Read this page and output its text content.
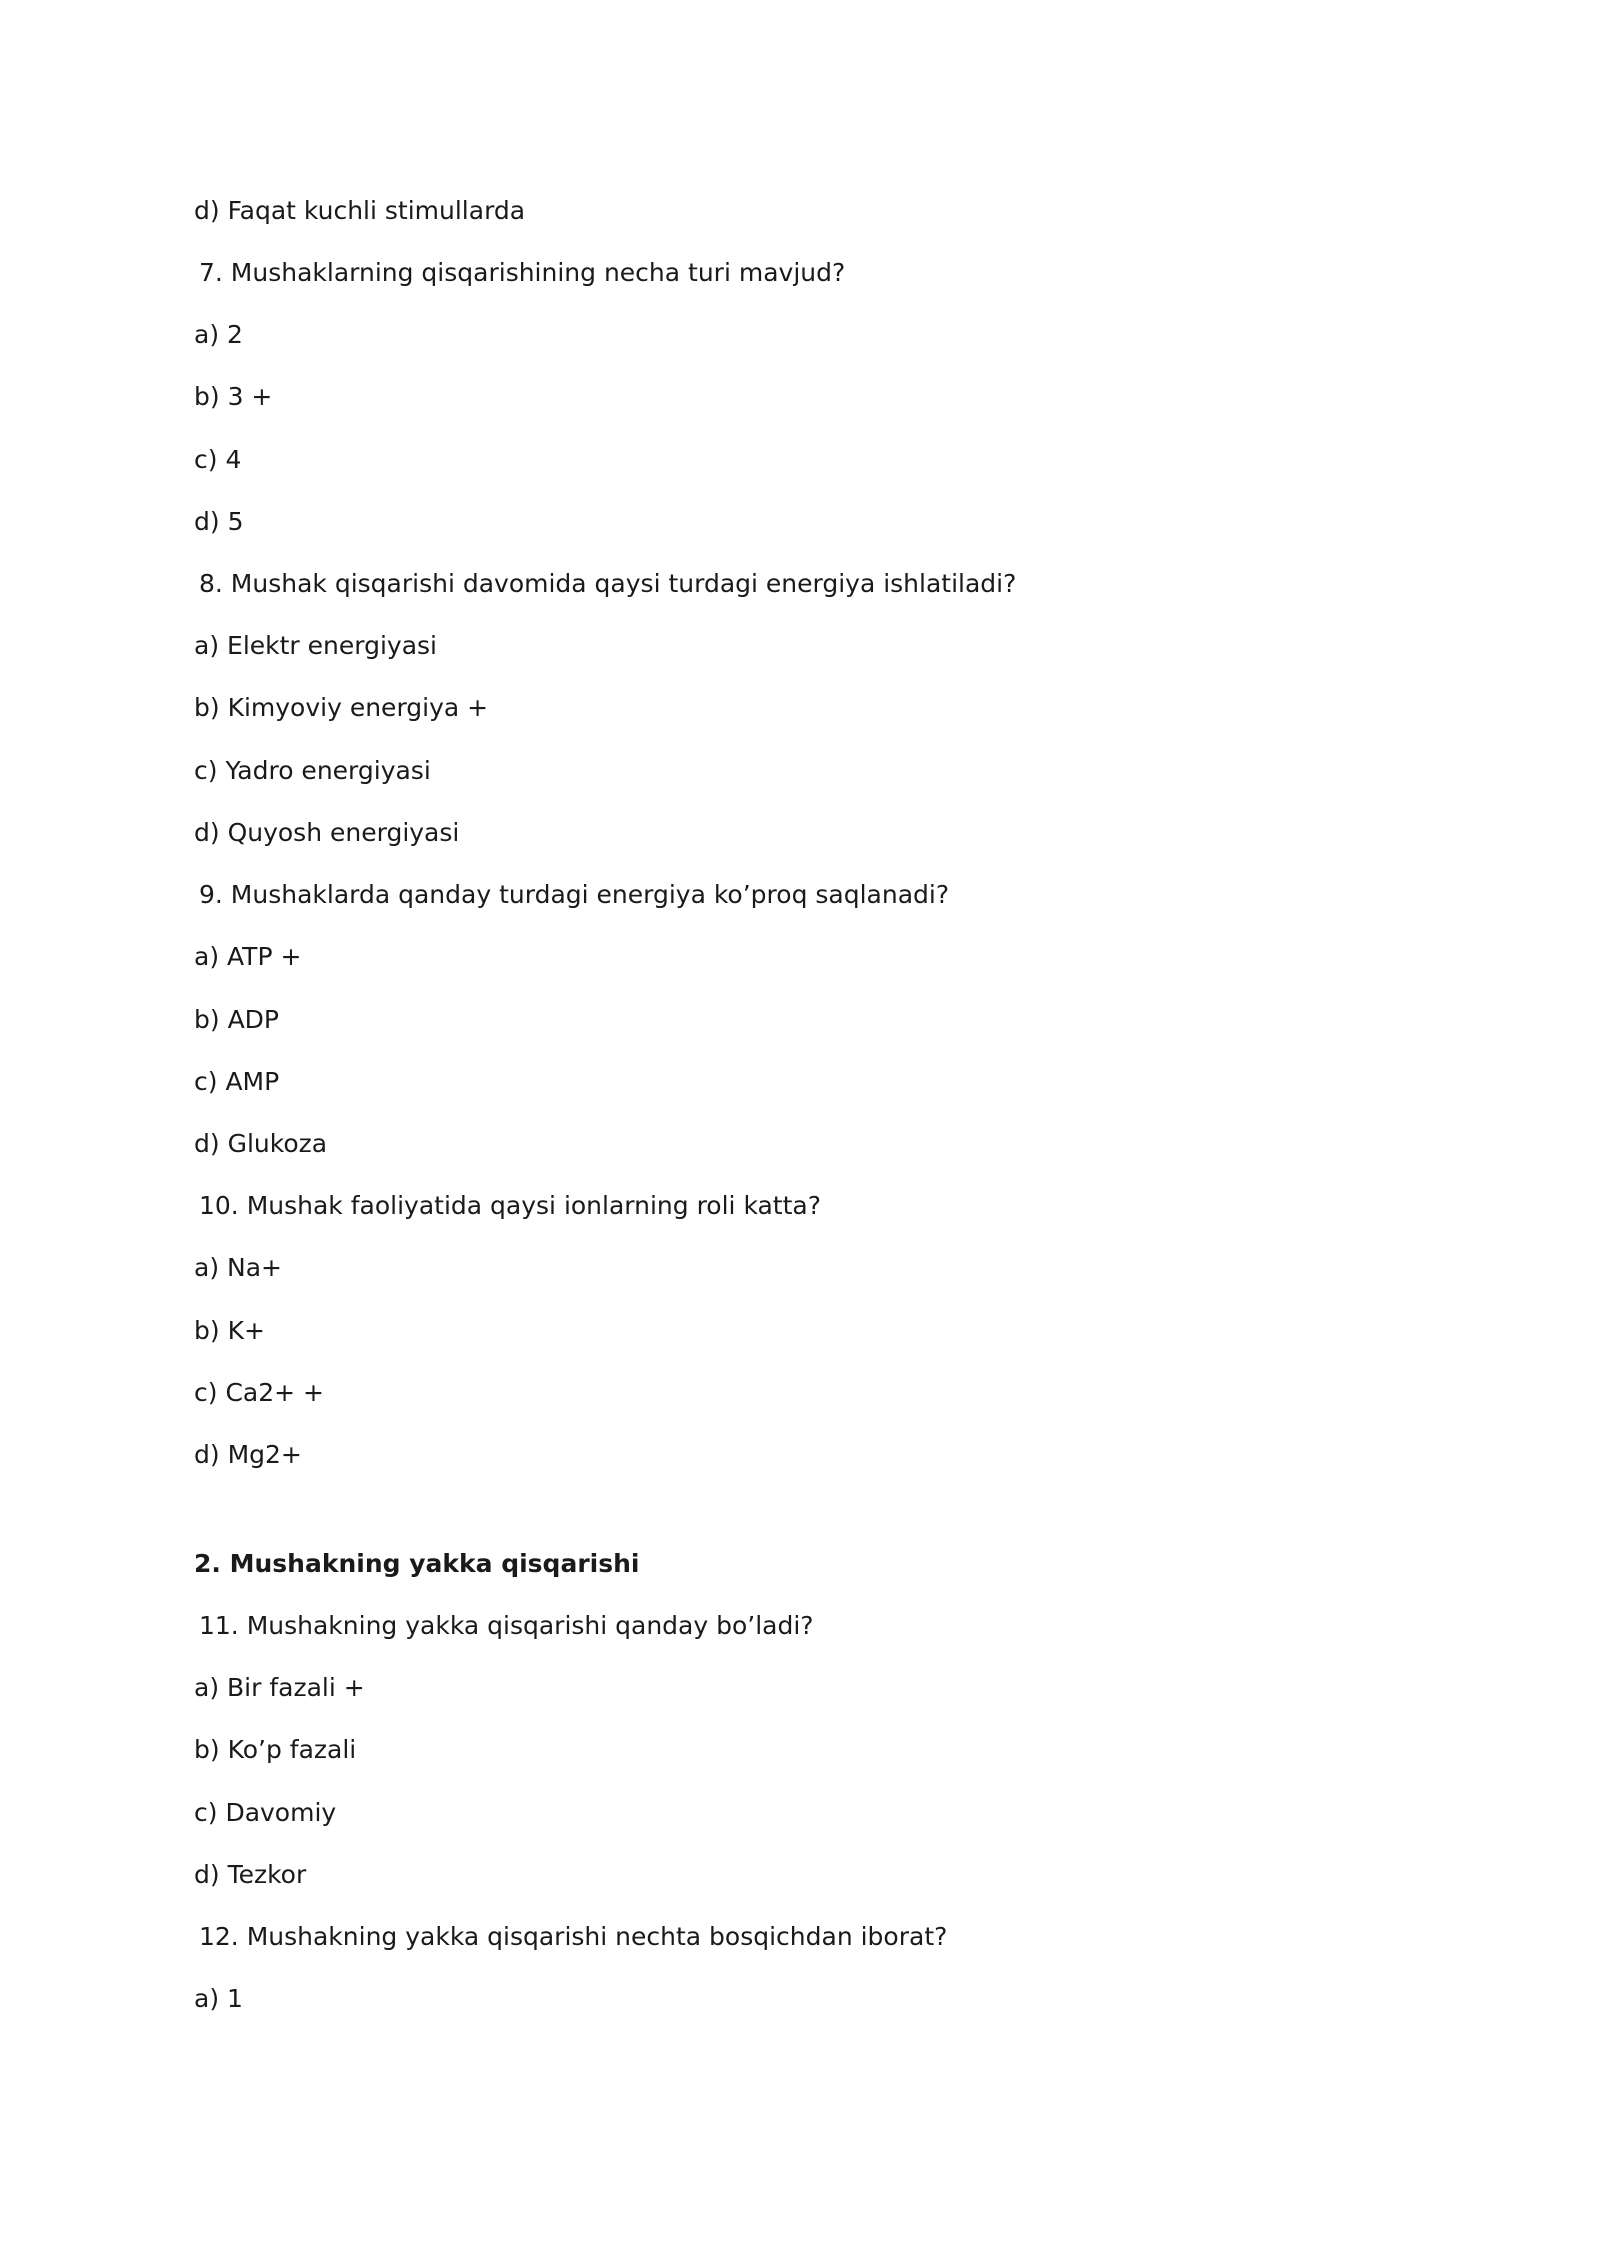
d) Faqat kuchli stimullarda
7. Mushaklarning qisqarishining necha turi mavjud?
a) 2
b) 3 +
c) 4
d) 5
8. Mushak qisqarishi davomida qaysi turdagi energiya ishlatiladi?
a) Elektr energiyasi
b) Kimyoviy energiya +
c) Yadro energiyasi
d) Quyosh energiyasi
9. Mushaklarda qanday turdagi energiya ko’proq saqlanadi?
a) ATP +
b) ADP
c) AMP
d) Glukoza
10. Mushak faoliyatida qaysi ionlarning roli katta?
a) Na+
b) K+
c) Ca2+ +
d) Mg2+
2. Mushakning yakka qisqarishi
11. Mushakning yakka qisqarishi qanday bo’ladi?
a) Bir fazali +
b) Ko’p fazali
c) Davomiy
d) Tezkor
12. Mushakning yakka qisqarishi nechta bosqichdan iborat?
a) 1
